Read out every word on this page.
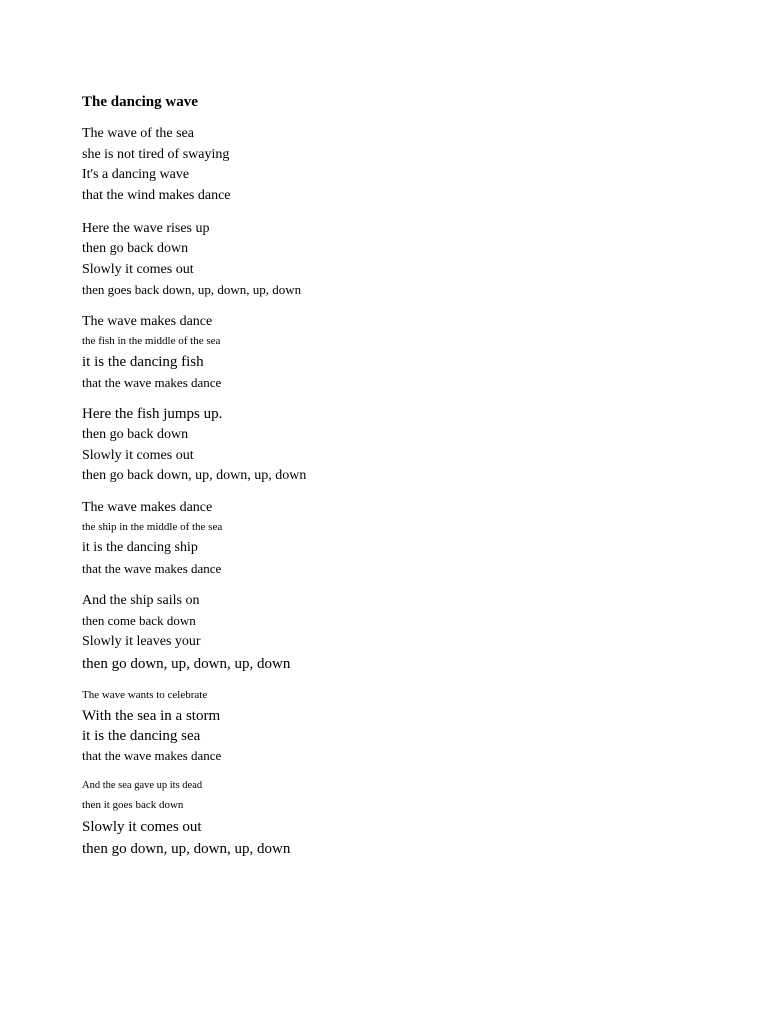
The dancing wave
The wave of the sea
she is not tired of swaying
It's a dancing wave
that the wind makes dance
Here the wave rises up
then go back down
Slowly it comes out
then goes back down, up, down, up, down
The wave makes dance
the fish in the middle of the sea
it is the dancing fish
that the wave makes dance
Here the fish jumps up.
then go back down
Slowly it comes out
then go back down, up, down, up, down
The wave makes dance
the ship in the middle of the sea
it is the dancing ship
that the wave makes dance
And the ship sails on
then come back down
Slowly it leaves your
then go down, up, down, up, down
The wave wants to celebrate
With the sea in a storm
it is the dancing sea
that the wave makes dance
And the sea gave up its dead
then it goes back down
Slowly it comes out
then go down, up, down, up, down
